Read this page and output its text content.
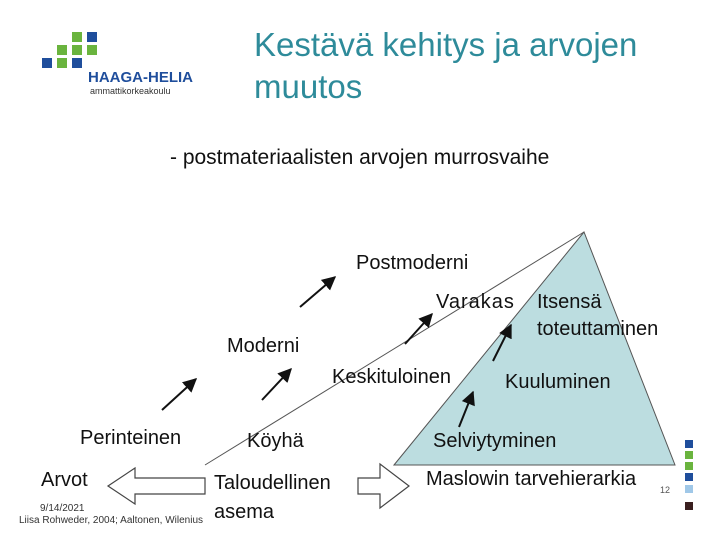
HAAGA-HELIA
ammattikorkeakoulu
Kestävä kehitys ja arvojen muutos
- postmateriaalisten arvojen murrosvaihe
Postmoderni
Varakas Itsensä
toteuttaminen
Moderni
Keskituloinen	Kuuluminen
Perinteinen	Köyhä	Selviytyminen
Arvot	Taloudellinen
asema
Maslowin tarvehierarkia	12
9/14/2021
Liisa Rohweder, 2004; Aaltonen, Wilenius
